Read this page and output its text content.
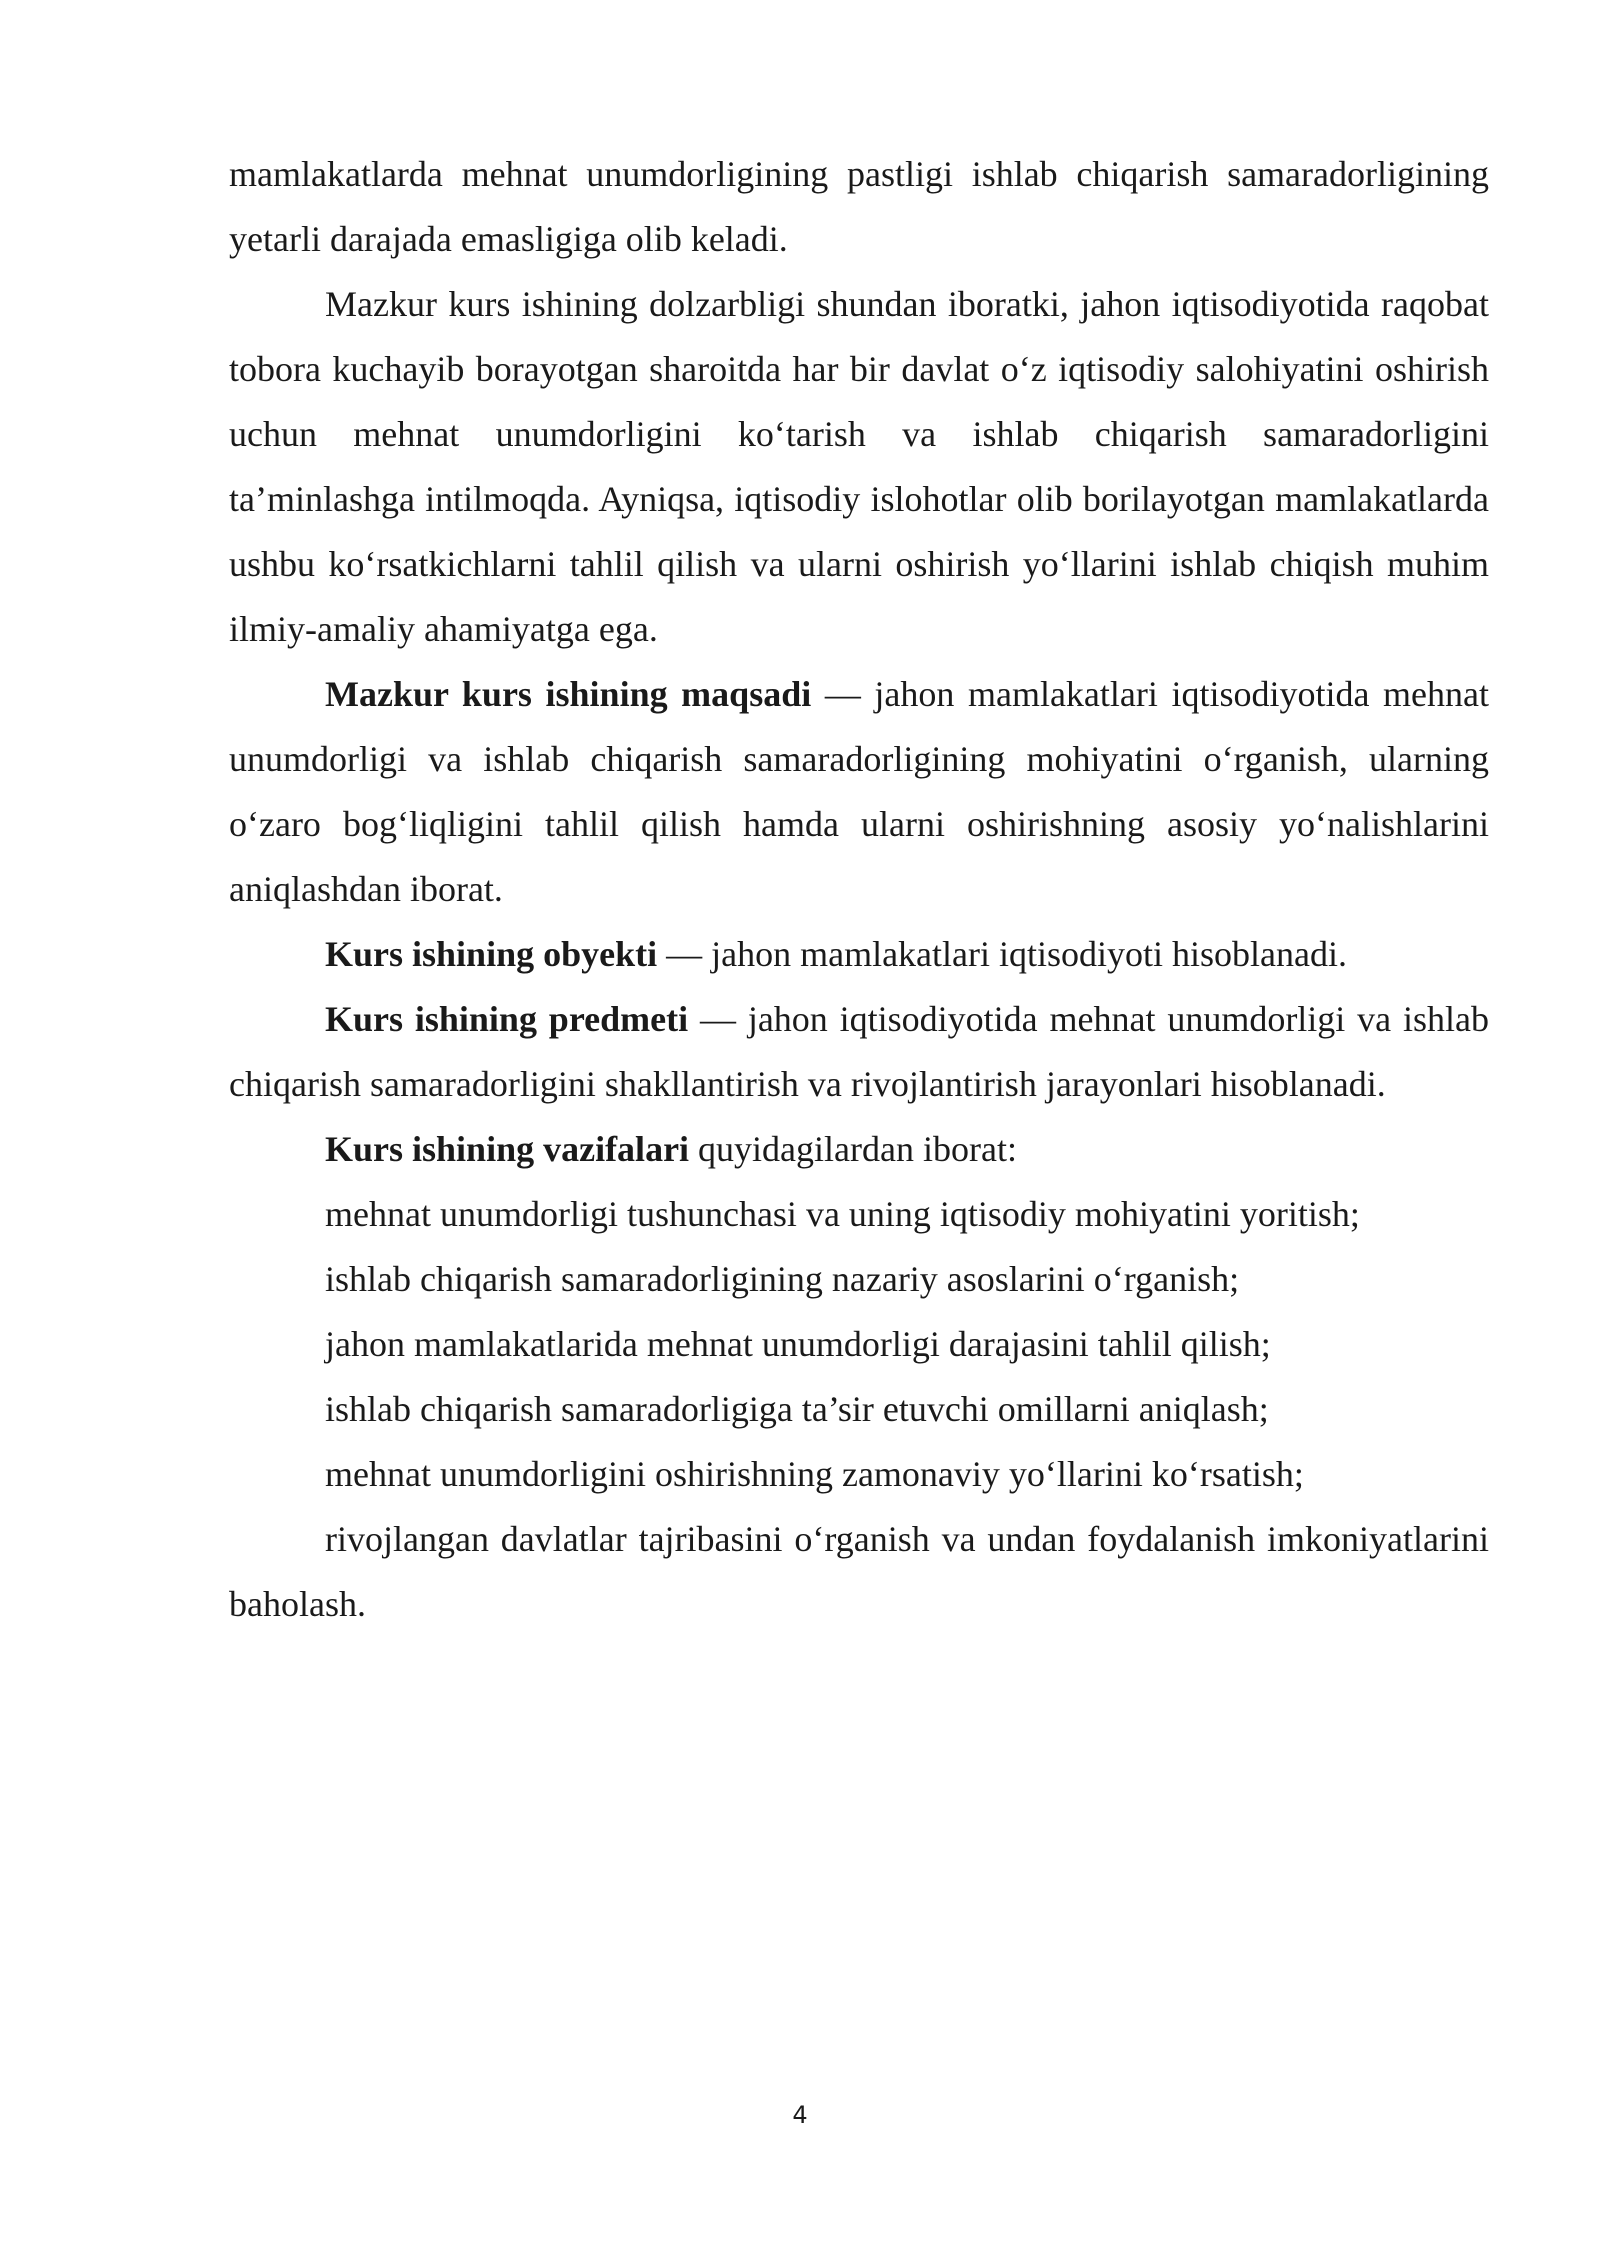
mamlakatlarda mehnat unumdorligining pastligi ishlab chiqarish samaradorligining yetarli darajada emasligiga olib keladi.

Mazkur kurs ishining dolzarbligi shundan iboratki, jahon iqtisodiyotida raqobat tobora kuchayib borayotgan sharoitda har bir davlat o‘z iqtisodiy salohiyatini oshirish uchun mehnat unumdorligini ko‘tarish va ishlab chiqarish samaradorligini ta’minlashga intilmoqda. Ayniqsa, iqtisodiy islohotlar olib borilayotgan mamlakatlarda ushbu ko‘rsatkichlarni tahlil qilish va ularni oshirish yo‘llarini ishlab chiqish muhim ilmiy-amaliy ahamiyatga ega.

Mazkur kurs ishining maqsadi — jahon mamlakatlari iqtisodiyotida mehnat unumdorligi va ishlab chiqarish samaradorligining mohiyatini o‘rganish, ularning o‘zaro bog‘liqligini tahlil qilish hamda ularni oshirishning asosiy yo‘nalishlarini aniqlashdan iborat.

Kurs ishining obyekti — jahon mamlakatlari iqtisodiyoti hisoblanadi.

Kurs ishining predmeti — jahon iqtisodiyotida mehnat unumdorligi va ishlab chiqarish samaradorligini shakllantirish va rivojlantirish jarayonlari hisoblanadi.

Kurs ishining vazifalari quyidagilardan iborat:

mehnat unumdorligi tushunchasi va uning iqtisodiy mohiyatini yoritish;

ishlab chiqarish samaradorligining nazariy asoslarini o‘rganish;

jahon mamlakatlarida mehnat unumdorligi darajasini tahlil qilish;

ishlab chiqarish samaradorligiga ta’sir etuvchi omillarni aniqlash;

mehnat unumdorligini oshirishning zamonaviy yo‘llarini ko‘rsatish;

rivojlangan davlatlar tajribasini o‘rganish va undan foydalanish imkoniyatlarini baholash.

4
